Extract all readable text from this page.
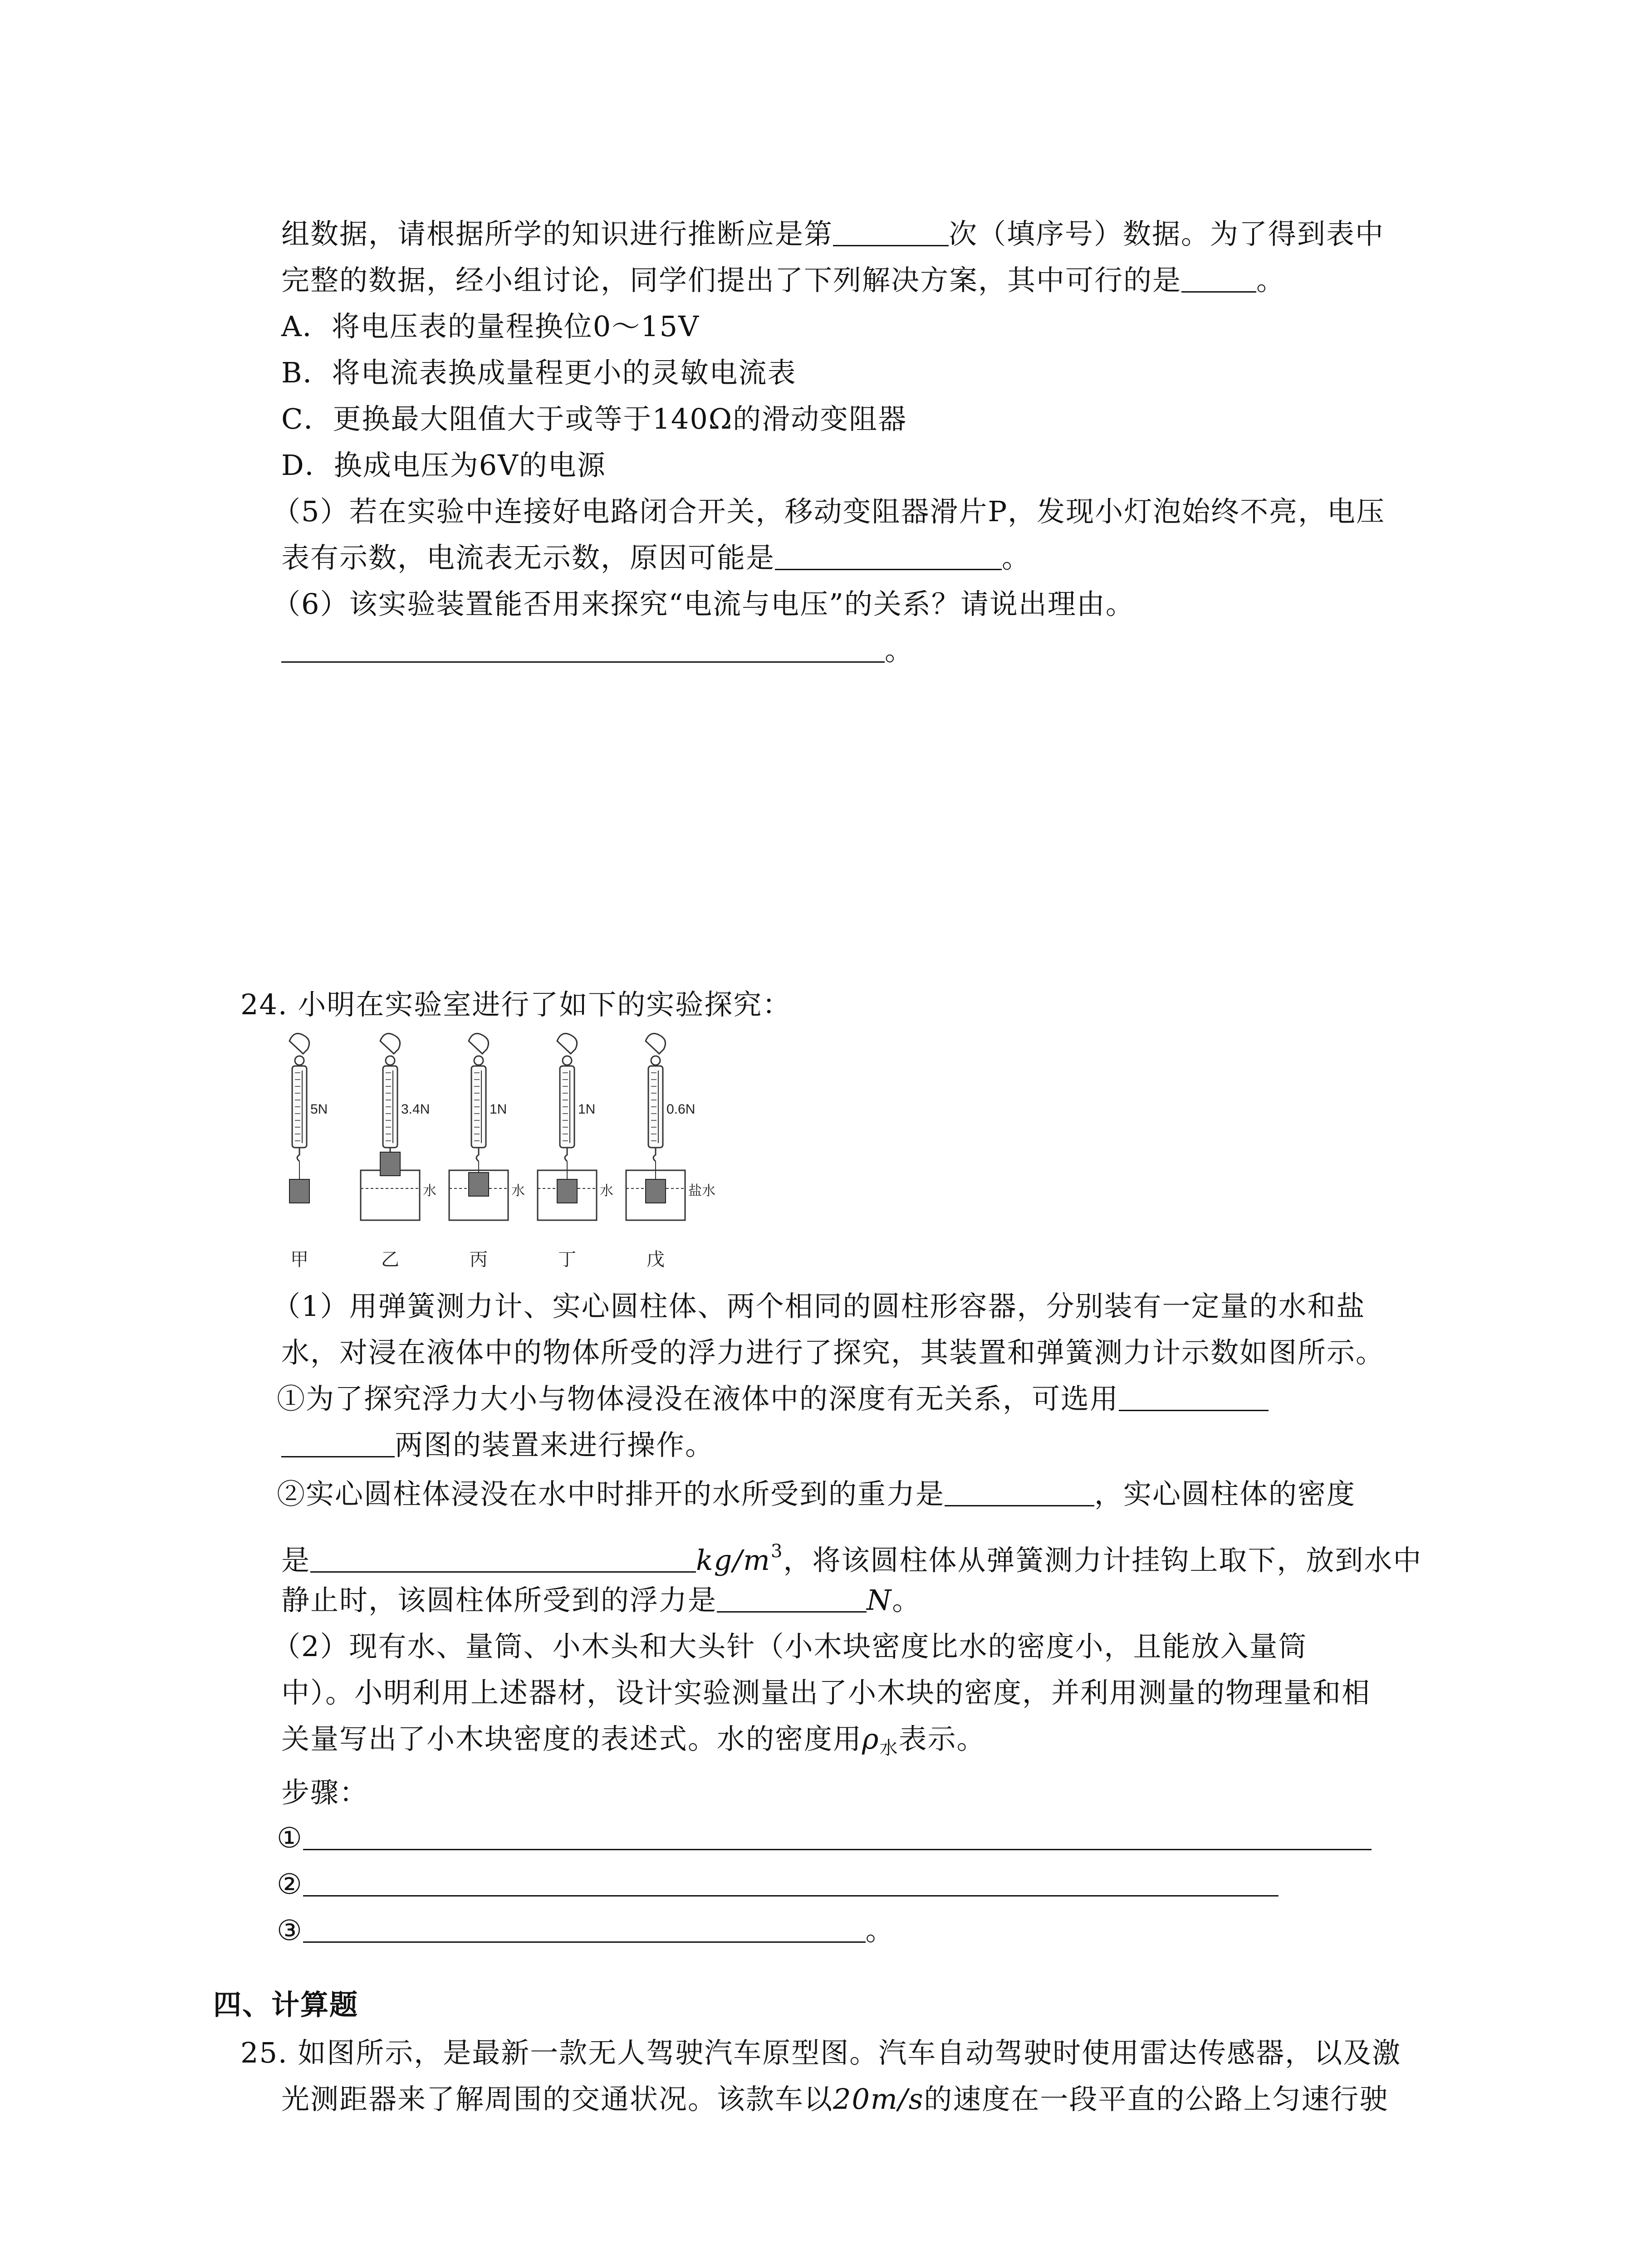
组数据，请根据所学的知识进行推断应是第	次（填序号）数据。为了得到表中
完整的数据，经小组讨论，同学们提出了下列解决方案，其中可行的是	。
A．将电压表的量程换位0～15V
B．将电流表换成量程更小的灵敏电流表
C．更换最大阻值大于或等于140Ω的滑动变阻器
D．换成电压为6V的电源
（5）若在实验中连接好电路闭合开关，移动变阻器滑片P，发现小灯泡始终不亮，电压
表有示数，电流表无示数，原因可能是	。
（6）该实验装置能否用来探究“电流与电压”的关系？请说出理由。
。
24. 小明在实验室进行了如下的实验探究：
5N
甲
3.4N
水
乙
1N
水
丙
1N
水
丁
0.6N
盐水
戊
（1）用弹簧测力计、实心圆柱体、两个相同的圆柱形容器，分别装有一定量的水和盐
水，对浸在液体中的物体所受的浮力进行了探究，其装置和弹簧测力计示数如图所示。
①为了探究浮力大小与物体浸没在液体中的深度有无关系，可选用
两图的装置来进行操作。
②实心圆柱体浸没在水中时排开的水所受到的重力是	，实心圆柱体的密度
是	$kg/m^3$，将该圆柱体从弹簧测力计挂钩上取下，放到水中
静止时，该圆柱体所受到的浮力是	N。
（2）现有水、量筒、小木头和大头针（小木块密度比水的密度小，且能放入量筒
中）。小明利用上述器材，设计实验测量出了小木块的密度，并利用测量的物理量和相
关量写出了小木块密度的表述式。水的密度用$\rho_水$表示。
步骤：
①
②
③	。
四、计算题
25. 如图所示，是最新一款无人驾驶汽车原型图。汽车自动驾驶时使用雷达传感器，以及激
光测距器来了解周围的交通状况。该款车以20m/s的速度在一段平直的公路上匀速行驶
